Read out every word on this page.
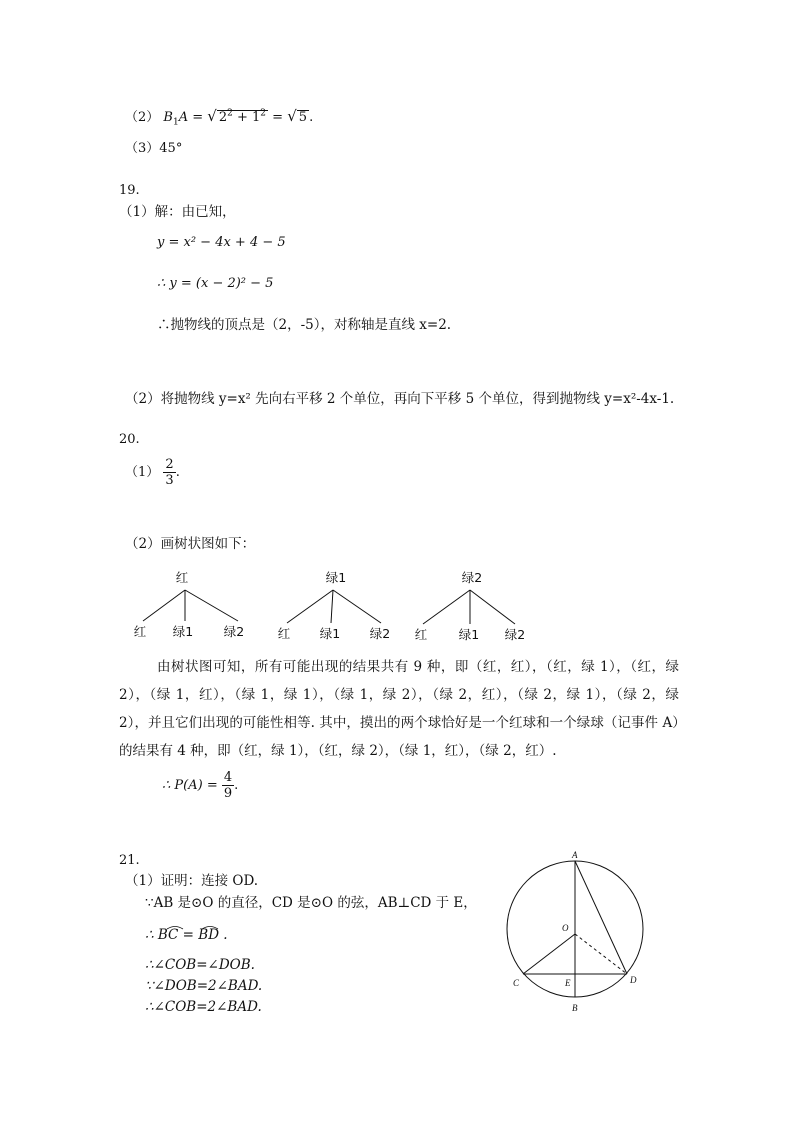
（2） $B_1A$ = √ $2^2 + 1^2$ = √ 5 .
（3）45°
19.
（1）解：由已知，
y = x² − 4x + 4 − 5
∴ y = (x − 2)² − 5
∴抛物线的顶点是（2，-5），对称轴是直线 x=2.
（2）将抛物线 y=x² 先向右平移 2 个单位，再向下平移 5 个单位，得到抛物线 y=x²-4x-1.
20.
$(1) \frac{2}{3}$ .
（2）画树状图如下：
红
红 绿1 绿2
绿1
红 绿1 绿2
绿2
红	绿1 绿2
由树状图可知，所有可能出现的结果共有 9 种，即（红，红），（红，绿 1），（红，绿 2），（绿 1，红），（绿 1，绿 1），（绿 1，绿 2），（绿 2，红），（绿 2，绿 1），（绿 2，绿 2），并且它们出现的可能性相等. 其中，摸出的两个球恰好是一个红球和一个绿球（记事件 A）的结果有 4 种，即（红，绿 1），（红，绿 2），（绿 1，红），（绿 2，红）.
∴ $P(A) = \frac{4}{9}$ .
21.
（1）证明：连接 OD.
∵AB 是⊙O 的直径，CD 是⊙O 的弦，AB⊥CD 于 E，
∴ BC = BD .
∴∠COB=∠DOB.
∵∠DOB=2∠BAD.
∴∠COB=2∠BAD.
A
O
C	E	D
B
